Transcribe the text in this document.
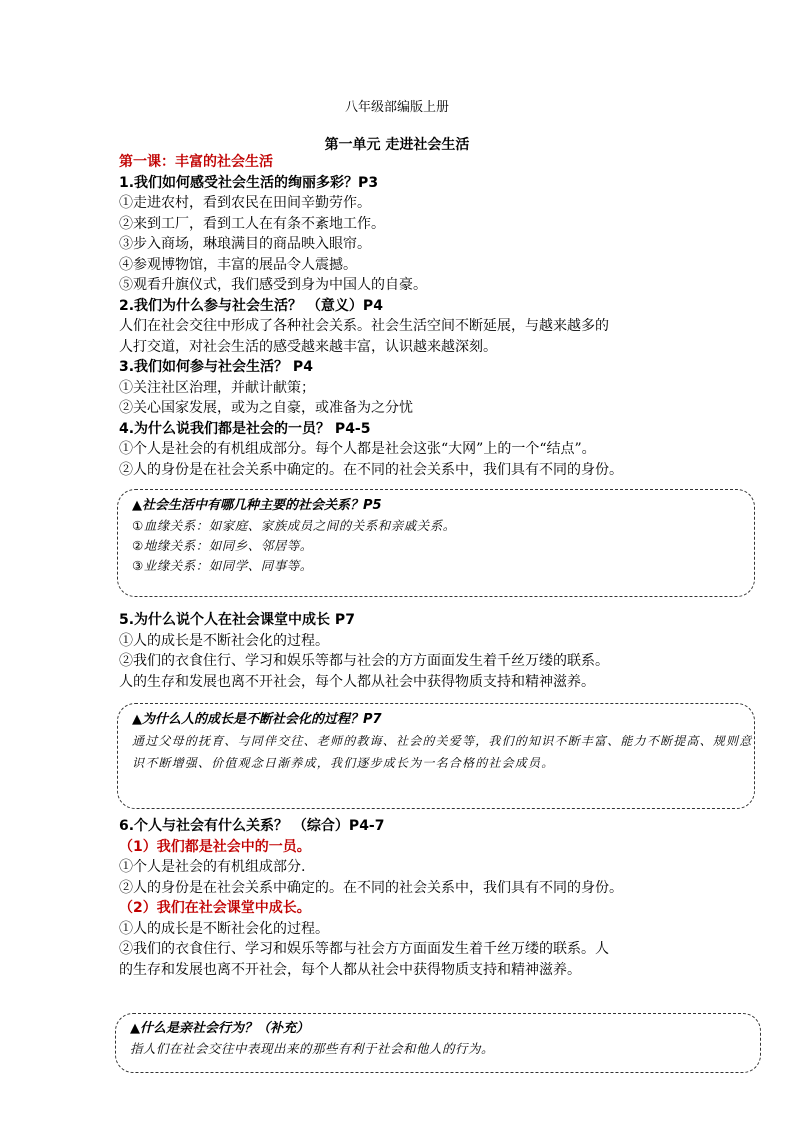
八年级部编版上册
第一单元 走进社会生活
第一课：丰富的社会生活
1.我们如何感受社会生活的绚丽多彩？P3
①走进农村，看到农民在田间辛勤劳作。
②来到工厂，看到工人在有条不紊地工作。
③步入商场，琳琅满目的商品映入眼帘。
④参观博物馆，丰富的展品令人震撼。
⑤观看升旗仪式，我们感受到身为中国人的自豪。
2.我们为什么参与社会生活？ （意义）P4
人们在社会交往中形成了各种社会关系。社会生活空间不断延展，与越来越多的
人打交道，对社会生活的感受越来越丰富，认识越来越深刻。
3.我们如何参与社会生活？ P4
①关注社区治理，并献计献策；
②关心国家发展，或为之自豪，或准备为之分忧
4.为什么说我们都是社会的一员？ P4-5
①个人是社会的有机组成部分。每个人都是社会这张“大网”上的一个“结点”。
②人的身份是在社会关系中确定的。在不同的社会关系中，我们具有不同的身份。
▲社会生活中有哪几种主要的社会关系？P5
①血缘关系：如家庭、家族成员之间的关系和亲戚关系。
②地缘关系：如同乡、邻居等。
③业缘关系：如同学、同事等。
5.为什么说个人在社会课堂中成长 P7
①人的成长是不断社会化的过程。
②我们的衣食住行、学习和娱乐等都与社会的方方面面发生着千丝万缕的联系。
人的生存和发展也离不开社会，每个人都从社会中获得物质支持和精神滋养。
▲为什么人的成长是不断社会化的过程？P7
通过父母的抚育、与同伴交往、老师的教诲、社会的关爱等，我们的知识不断丰富、能力不断提高、规则意识不断增强、价值观念日渐养成，我们逐步成长为一名合格的社会成员。
6.个人与社会有什么关系？ （综合）P4-7
（1）我们都是社会中的一员。
①个人是社会的有机组成部分.
②人的身份是在社会关系中确定的。在不同的社会关系中，我们具有不同的身份。
（2）我们在社会课堂中成长。
①人的成长是不断社会化的过程。
②我们的衣食住行、学习和娱乐等都与社会方方面面发生着千丝万缕的联系。人
的生存和发展也离不开社会，每个人都从社会中获得物质支持和精神滋养。
▲什么是亲社会行为？（补充）
指人们在社会交往中表现出来的那些有利于社会和他人的行为。
